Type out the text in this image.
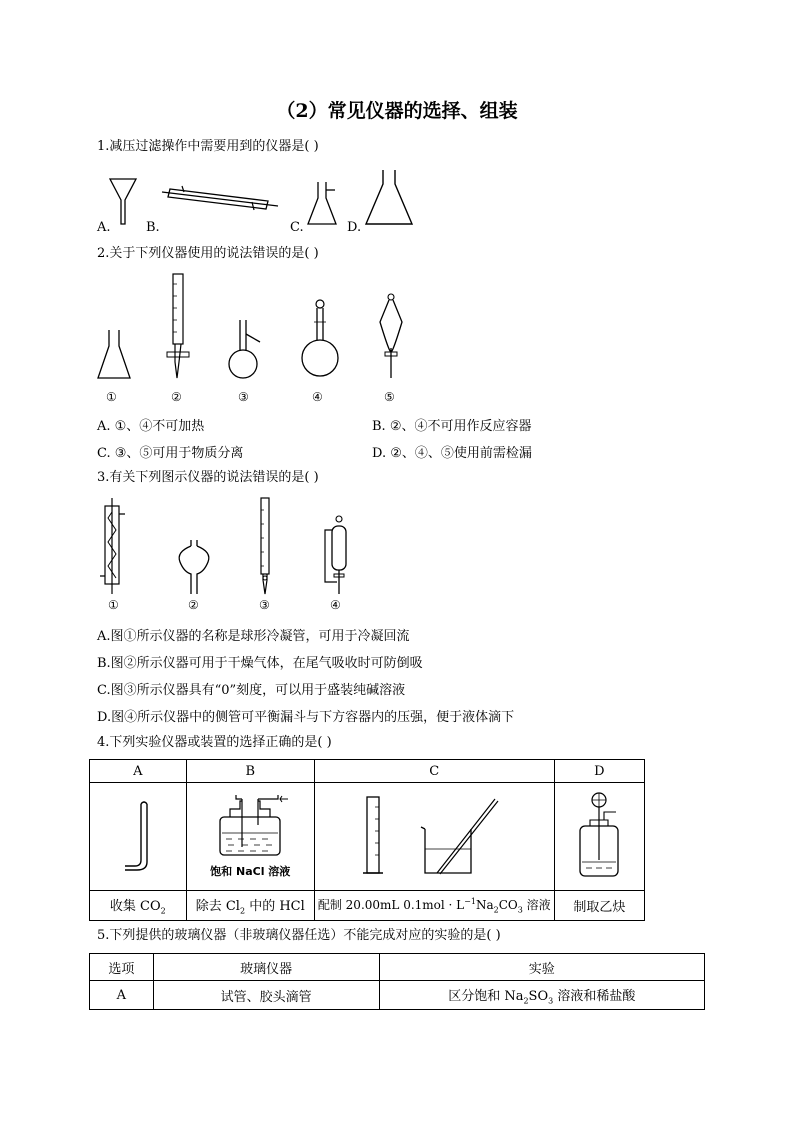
（2）常见仪器的选择、组装
1.减压过滤操作中需要用到的仪器是( )
A.	B.	C.	D.
2.关于下列仪器使用的说法错误的是( )
①	②	③	④	⑤
A. ①、④不可加热	B. ②、④不可用作反应容器
C. ③、⑤可用于物质分离	D. ②、④、⑤使用前需检漏
3.有关下列图示仪器的说法错误的是( )
①	②	③	④
A.图①所示仪器的名称是球形冷凝管，可用于冷凝回流
B.图②所示仪器可用于干燥气体，在尾气吸收时可防倒吸
C.图③所示仪器具有“0”刻度，可以用于盛装纯碱溶液
D.图④所示仪器中的侧管可平衡漏斗与下方容器内的压强，便于液体滴下
4.下列实验仪器或装置的选择正确的是( )
A	B	C	D

饱和 NaCl 溶液

收集 $CO_2$	除去 $Cl_2$ 中的 HCl	配制 20.00mL $0.1mol \cdot L^{-1}Na_2CO_3$ 溶液	制取乙炔
5.下列提供的玻璃仪器（非玻璃仪器任选）不能完成对应的实验的是( )
选项	玻璃仪器	实验
A	试管、胶头滴管	区分饱和 $Na_2SO_3$ 溶液和稀盐酸
